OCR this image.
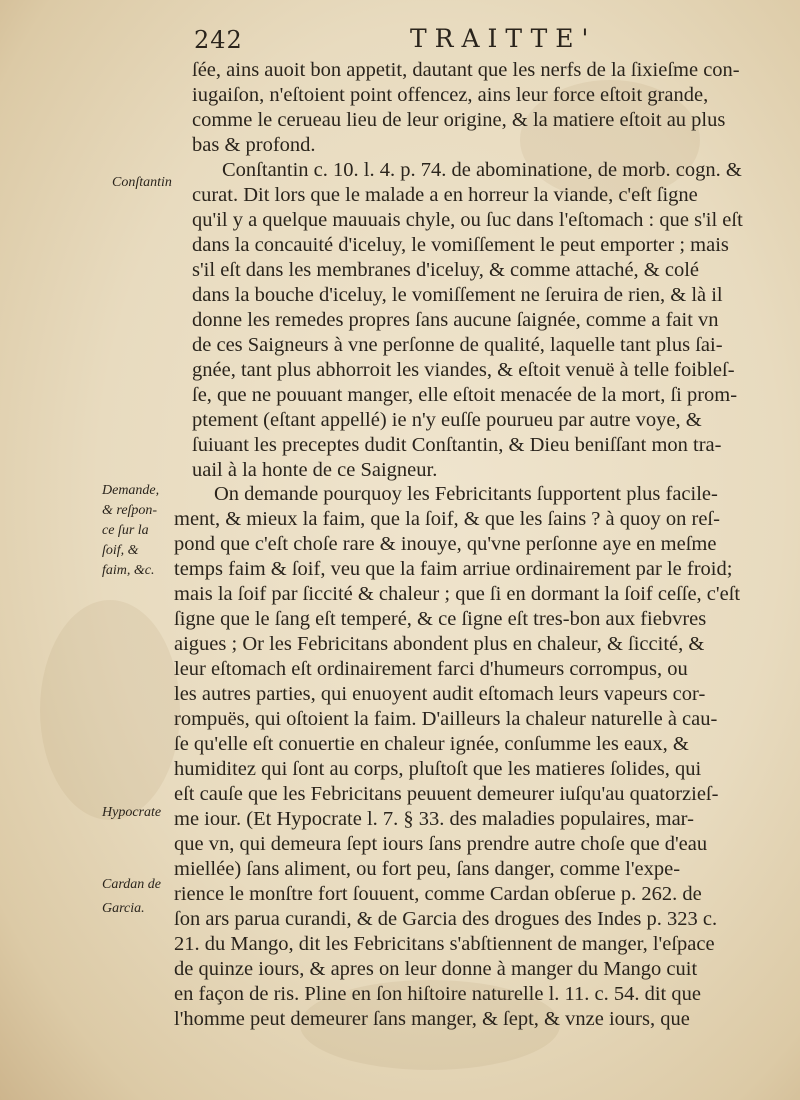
242	TRAITTE'
Conſtantin
Demande,
& reſpon-
ce ſur la
ſoif, &
faim, &c.
Hypocrate
Cardan de
Garcia.
ſée, ains auoit bon appetit, dautant que les nerfs de la ſixieſme con-
iugaiſon, n'eſtoient point offencez, ains leur force eſtoit grande,
comme le cerueau lieu de leur origine, & la matiere eſtoit au plus
bas & profond.
Conſtantin c. 10. l. 4. p. 74. de abominatione, de morb. cogn. &
curat. Dit lors que le malade a en horreur la viande, c'eſt ſigne
qu'il y a quelque mauuais chyle, ou ſuc dans l'eſtomach : que s'il eſt
dans la concauité d'iceluy, le vomiſſement le peut emporter ; mais
s'il eſt dans les membranes d'iceluy, & comme attaché, & colé
dans la bouche d'iceluy, le vomiſſement ne ſeruira de rien, & là il
donne les remedes propres ſans aucune ſaignée, comme a fait vn
de ces Saigneurs à vne perſonne de qualité, laquelle tant plus ſai-
gnée, tant plus abhorroit les viandes, & eſtoit venuë à telle foibleſ-
ſe, que ne pouuant manger, elle eſtoit menacée de la mort, ſi prom-
ptement (eſtant appellé) ie n'y euſſe pourueu par autre voye, &
ſuiuant les preceptes dudit Conſtantin, & Dieu beniſſant mon tra-
uail à la honte de ce Saigneur.
On demande pourquoy les Febricitants ſupportent plus facile-
ment, & mieux la faim, que la ſoif, & que les ſains ? à quoy on reſ-
pond que c'eſt choſe rare & inouye, qu'vne perſonne aye en meſme
temps faim & ſoif, veu que la faim arriue ordinairement par le froid;
mais la ſoif par ſiccité & chaleur ; que ſi en dormant la ſoif ceſſe, c'eſt
ſigne que le ſang eſt temperé, & ce ſigne eſt tres-bon aux fiebvres
aigues ; Or les Febricitans abondent plus en chaleur, & ſiccité, &
leur eſtomach eſt ordinairement farci d'humeurs corrompus, ou
les autres parties, qui enuoyent audit eſtomach leurs vapeurs cor-
rompuës, qui oſtoient la faim. D'ailleurs la chaleur naturelle à cau-
ſe qu'elle eſt conuertie en chaleur ignée, conſumme les eaux, &
humiditez qui ſont au corps, pluſtoſt que les matieres ſolides, qui
eſt cauſe que les Febricitans peuuent demeurer iuſqu'au quatorzieſ-
me iour. (Et Hypocrate l. 7. § 33. des maladies populaires, mar-
que vn, qui demeura ſept iours ſans prendre autre choſe que d'eau
miellée) ſans aliment, ou fort peu, ſans danger, comme l'expe-
rience le monſtre fort ſouuent, comme Cardan obſerue p. 262. de
ſon ars parua curandi, & de Garcia des drogues des Indes p. 323 c.
21. du Mango, dit les Febricitans s'abſtiennent de manger, l'eſpace
de quinze iours, & apres on leur donne à manger du Mango cuit
en façon de ris. Pline en ſon hiſtoire naturelle l. 11. c. 54. dit que
l'homme peut demeurer ſans manger, & ſept, & vnze iours, que
